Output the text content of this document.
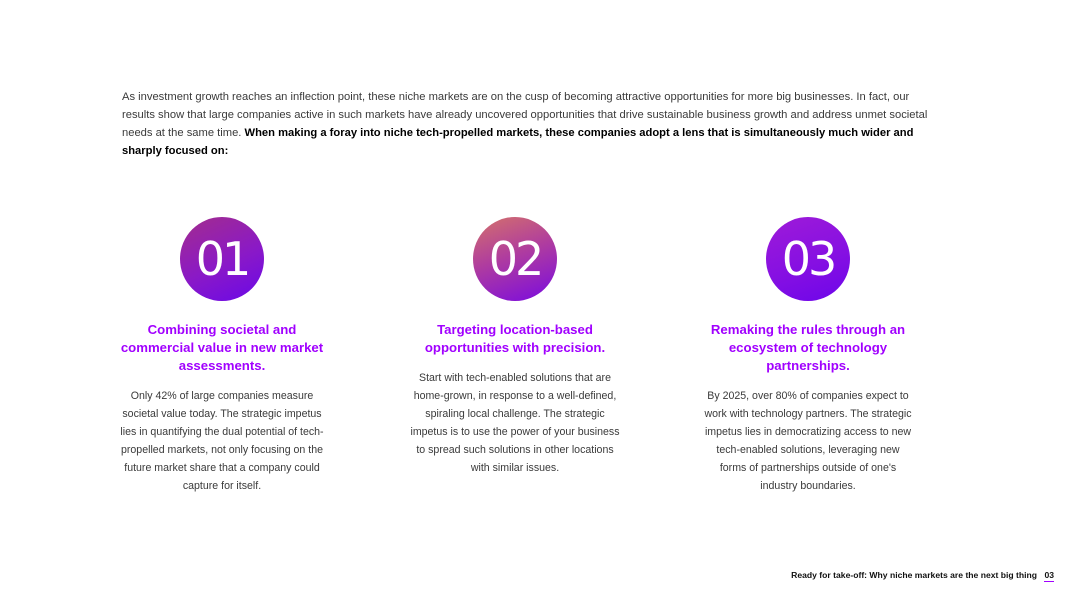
As investment growth reaches an inflection point, these niche markets are on the cusp of becoming attractive opportunities for more big businesses. In fact, our results show that large companies active in such markets have already uncovered opportunities that drive sustainable business growth and address unmet societal needs at the same time. When making a foray into niche tech-propelled markets, these companies adopt a lens that is simultaneously much wider and sharply focused on:
01
Combining societal and commercial value in new market assessments.
Only 42% of large companies measure societal value today. The strategic impetus lies in quantifying the dual potential of tech-propelled markets, not only focusing on the future market share that a company could capture for itself.
02
Targeting location-based opportunities with precision.
Start with tech-enabled solutions that are home-grown, in response to a well-defined, spiraling local challenge. The strategic impetus is to use the power of your business to spread such solutions in other locations with similar issues.
03
Remaking the rules through an ecosystem of technology partnerships.
By 2025, over 80% of companies expect to work with technology partners. The strategic impetus lies in democratizing access to new tech-enabled solutions, leveraging new forms of partnerships outside of one's industry boundaries.
Ready for take-off: Why niche markets are the next big thing 03
